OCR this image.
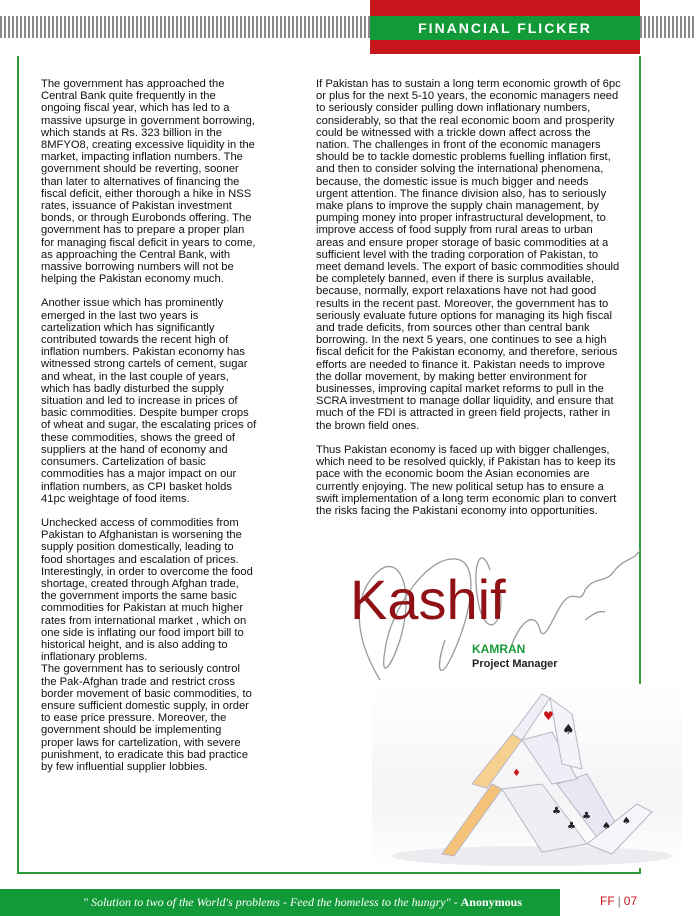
FINANCIAL FLICKER

The government has approached the
Central Bank quite frequently in the
ongoing fiscal year, which has led to a
massive upsurge in government borrowing,
which stands at Rs. 323 billion in the
8MFYO8, creating excessive liquidity in the
market, impacting inflation numbers. The
government should be reverting, sooner
than later to alternatives of financing the
fiscal deficit, either thorough a hike in NSS
rates, issuance of Pakistan investment
bonds, or through Eurobonds offering. The
government has to prepare a proper plan
for managing fiscal deficit in years to come,
as approaching the Central Bank, with
massive borrowing numbers will not be
helping the Pakistan economy much.

Another issue which has prominently
emerged in the last two years is
cartelization which has significantly
contributed towards the recent high of
inflation numbers. Pakistan economy has
witnessed strong cartels of cement, sugar
and wheat, in the last couple of years,
which has badly disturbed the supply
situation and led to increase in prices of
basic commodities. Despite bumper crops
of wheat and sugar, the escalating prices of
these commodities, shows the greed of
suppliers at the hand of economy and
consumers. Cartelization of basic
commodities has a major impact on our
inflation numbers, as CPI basket holds
41pc weightage of food items.

Unchecked access of commodities from
Pakistan to Afghanistan is worsening the
supply position domestically, leading to
food shortages and escalation of prices.
Interestingly, in order to overcome the food
shortage, created through Afghan trade,
the government imports the same basic
commodities for Pakistan at much higher
rates from international market , which on
one side is inflating our food import bill to
historical height, and is also adding to
inflationary problems.
The government has to seriously control
the Pak-Afghan trade and restrict cross
border movement of basic commodities, to
ensure sufficient domestic supply, in order
to ease price pressure. Moreover, the
government should be implementing
proper laws for cartelization, with severe
punishment, to eradicate this bad practice
by few influential supplier lobbies.

If Pakistan has to sustain a long term economic growth of 6pc
or plus for the next 5-10 years, the economic managers need
to seriously consider pulling down inflationary numbers,
considerably, so that the real economic boom and prosperity
could be witnessed with a trickle down affect across the
nation. The challenges in front of the economic managers
should be to tackle domestic problems fuelling inflation first,
and then to consider solving the international phenomena,
because, the domestic issue is much bigger and needs
urgent attention. The finance division also, has to seriously
make plans to improve the supply chain management, by
pumping money into proper infrastructural development, to
improve access of food supply from rural areas to urban
areas and ensure proper storage of basic commodities at a
sufficient level with the trading corporation of Pakistan, to
meet demand levels. The export of basic commodities should
be completely banned, even if there is surplus available,
because, normally, export relaxations have not had good
results in the recent past. Moreover, the government has to
seriously evaluate future options for managing its high fiscal
and trade deficits, from sources other than central bank
borrowing. In the next 5 years, one continues to see a high
fiscal deficit for the Pakistan economy, and therefore, serious
efforts are needed to finance it. Pakistan needs to improve
the dollar movement, by making better environment for
businesses, improving capital market reforms to pull in the
SCRA investment to manage dollar liquidity, and ensure that
much of the FDI is attracted in green field projects, rather in
the brown field ones.

Thus Pakistan economy is faced up with bigger challenges,
which need to be resolved quickly, if Pakistan has to keep its
pace with the economic boom the Asian economies are
currently enjoying. The new political setup has to ensure a
swift implementation of a long term economic plan to convert
the risks facing the Pakistani economy into opportunities.

Kashif
KAMRAN
Project Manager
♥
♦
♠
♣
♣
♣
♠ ♠
" Solution to two of the World's problems - Feed the homeless to the hungry" - Anonymous	FF | 07
